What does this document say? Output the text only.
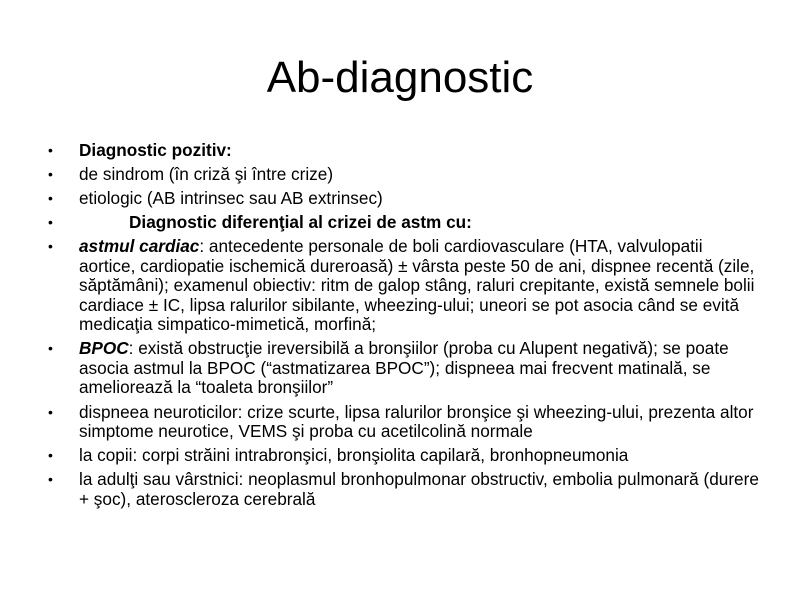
Ab-diagnostic
• Diagnostic pozitiv:
• de sindrom (în criză şi între crize)
• etiologic (AB intrinsec sau AB extrinsec)
•	Diagnostic diferenţial al crizei de astm cu:
• astmul cardiac: antecedente personale de boli cardiovasculare (HTA, valvulopatii aortice, cardiopatie ischemică dureroasă) ± vârsta peste 50 de ani, dispnee recentă (zile, săptămâni); examenul obiectiv: ritm de galop stâng, raluri crepitante, există semnele bolii cardiace ± IC, lipsa ralurilor sibilante, wheezing-ului; uneori se pot asocia când se evită medicaţia simpatico-mimetică, morfină;
• BPOC: există obstrucţie ireversibilă a bronşiilor (proba cu Alupent negativă); se poate asocia astmul la BPOC (“astmatizarea BPOC”); dispneea mai frecvent matinală, se ameliorează la “toaleta bronşiilor”
• dispneea neuroticilor: crize scurte, lipsa ralurilor bronşice şi wheezing-ului, prezenta altor simptome neurotice, VEMS şi proba cu acetilcolină normale
• la copii: corpi străini intrabronşici, bronşiolita capilară, bronhopneumonia
• la adulţi sau vârstnici: neoplasmul bronhopulmonar obstructiv, embolia pulmonară (durere + şoc), ateroscleroza cerebrală
